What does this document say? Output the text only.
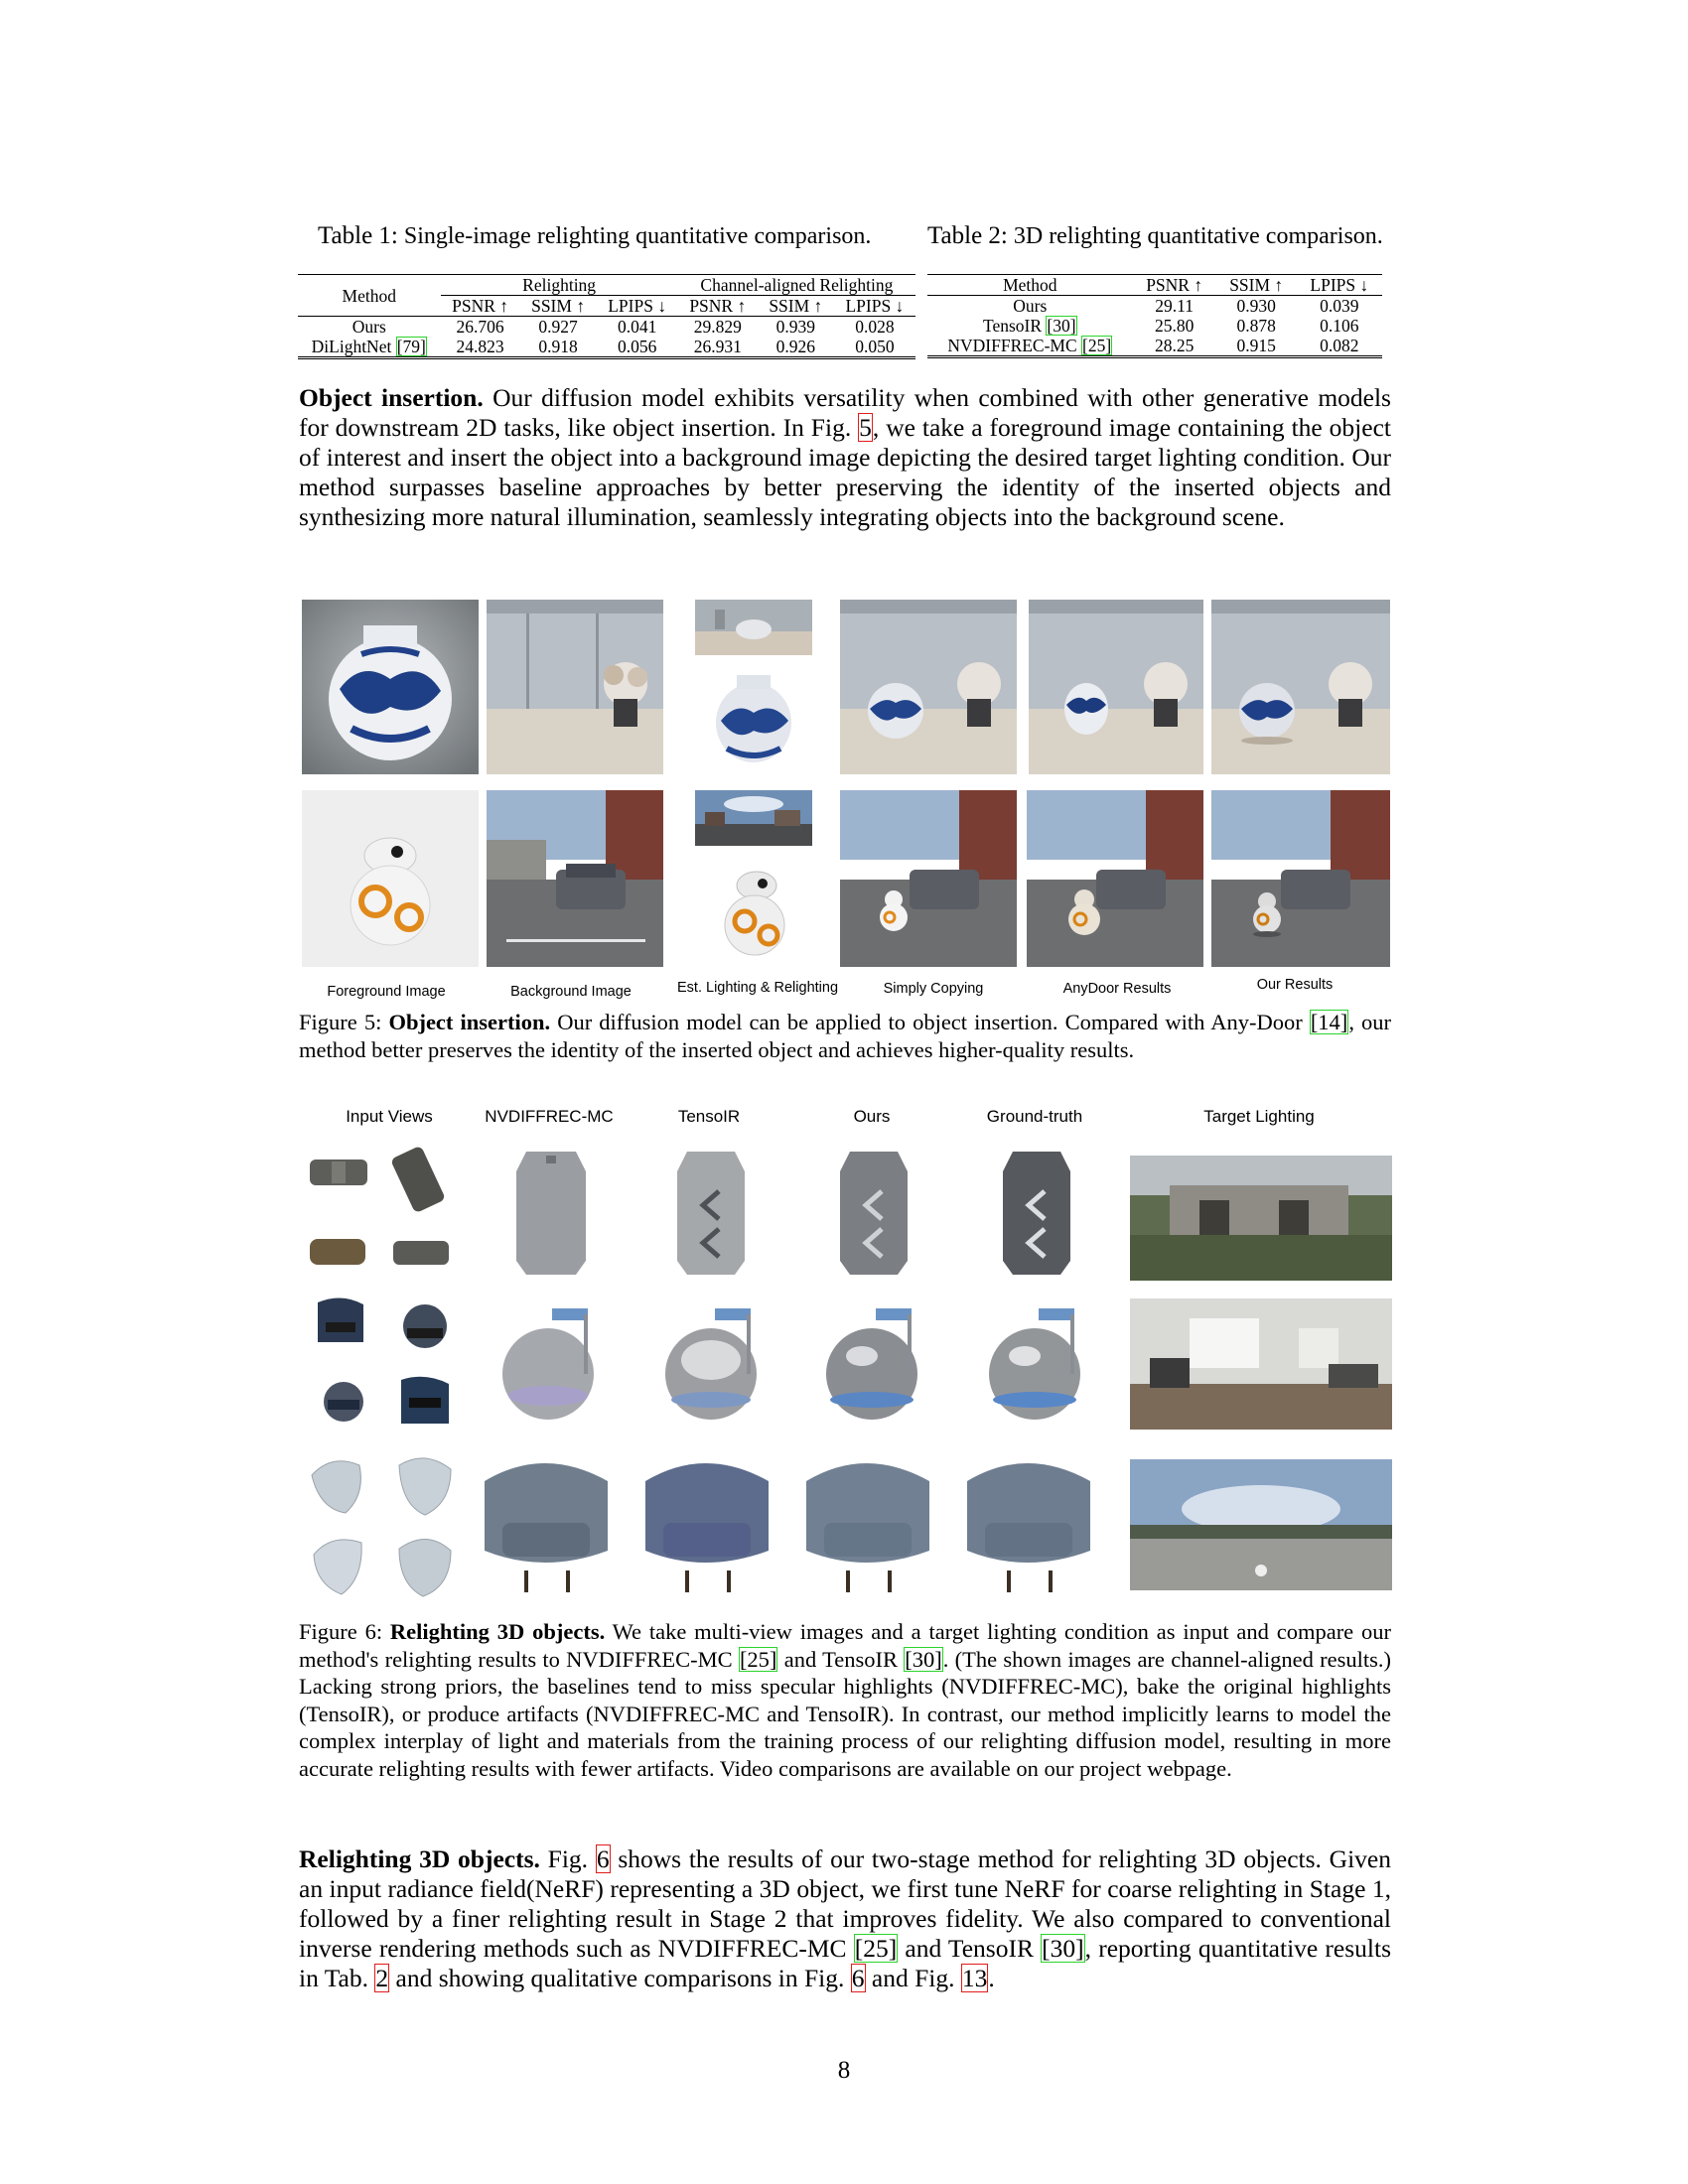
Table 1: Single-image relighting quantitative comparison.
Method	Relighting			Channel-aligned Relighting		
	PSNR ↑	SSIM ↑	LPIPS ↓	PSNR ↑	SSIM ↑	LPIPS ↓
Ours	26.706	0.927	0.041	29.829	0.939	0.028
DiLightNet [79]	24.823	0.918	0.056	26.931	0.926	0.050
Table 2: 3D relighting quantitative comparison.
Method	PSNR ↑	SSIM ↑	LPIPS ↓
Ours	29.11	0.930	0.039
TensoIR [30]	25.80	0.878	0.106
NVDIFFREC-MC [25]	28.25	0.915	0.082
Object insertion. Our diffusion model exhibits versatility when combined with other generative models for downstream 2D tasks, like object insertion. In Fig. 5, we take a foreground image containing the object of interest and insert the object into a background image depicting the desired target lighting condition. Our method surpasses baseline approaches by better preserving the identity of the inserted objects and synthesizing more natural illumination, seamlessly integrating objects into the background scene.
Foreground Image	Background Image	Est. Lighting & Relighting	Simply Copying	AnyDoor Results	Our Results
Figure 5: Object insertion. Our diffusion model can be applied to object insertion. Compared with Any-Door [14], our method better preserves the identity of the inserted object and achieves higher-quality results.
Input Views	NVDIFFREC-MC	TensoIR	Ours	Ground-truth	Target Lighting
Figure 6: Relighting 3D objects. We take multi-view images and a target lighting condition as input and compare our method's relighting results to NVDIFFREC-MC [25] and TensoIR [30]. (The shown images are channel-aligned results.) Lacking strong priors, the baselines tend to miss specular highlights (NVDIFFREC-MC), bake the original highlights (TensoIR), or produce artifacts (NVDIFFREC-MC and TensoIR). In contrast, our method implicitly learns to model the complex interplay of light and materials from the training process of our relighting diffusion model, resulting in more accurate relighting results with fewer artifacts. Video comparisons are available on our project webpage.
Relighting 3D objects. Fig. 6 shows the results of our two-stage method for relighting 3D objects. Given an input radiance field(NeRF) representing a 3D object, we first tune NeRF for coarse relighting in Stage 1, followed by a finer relighting result in Stage 2 that improves fidelity. We also compared to conventional inverse rendering methods such as NVDIFFREC-MC [25] and TensoIR [30], reporting quantitative results in Tab. 2 and showing qualitative comparisons in Fig. 6 and Fig. 13.
8
